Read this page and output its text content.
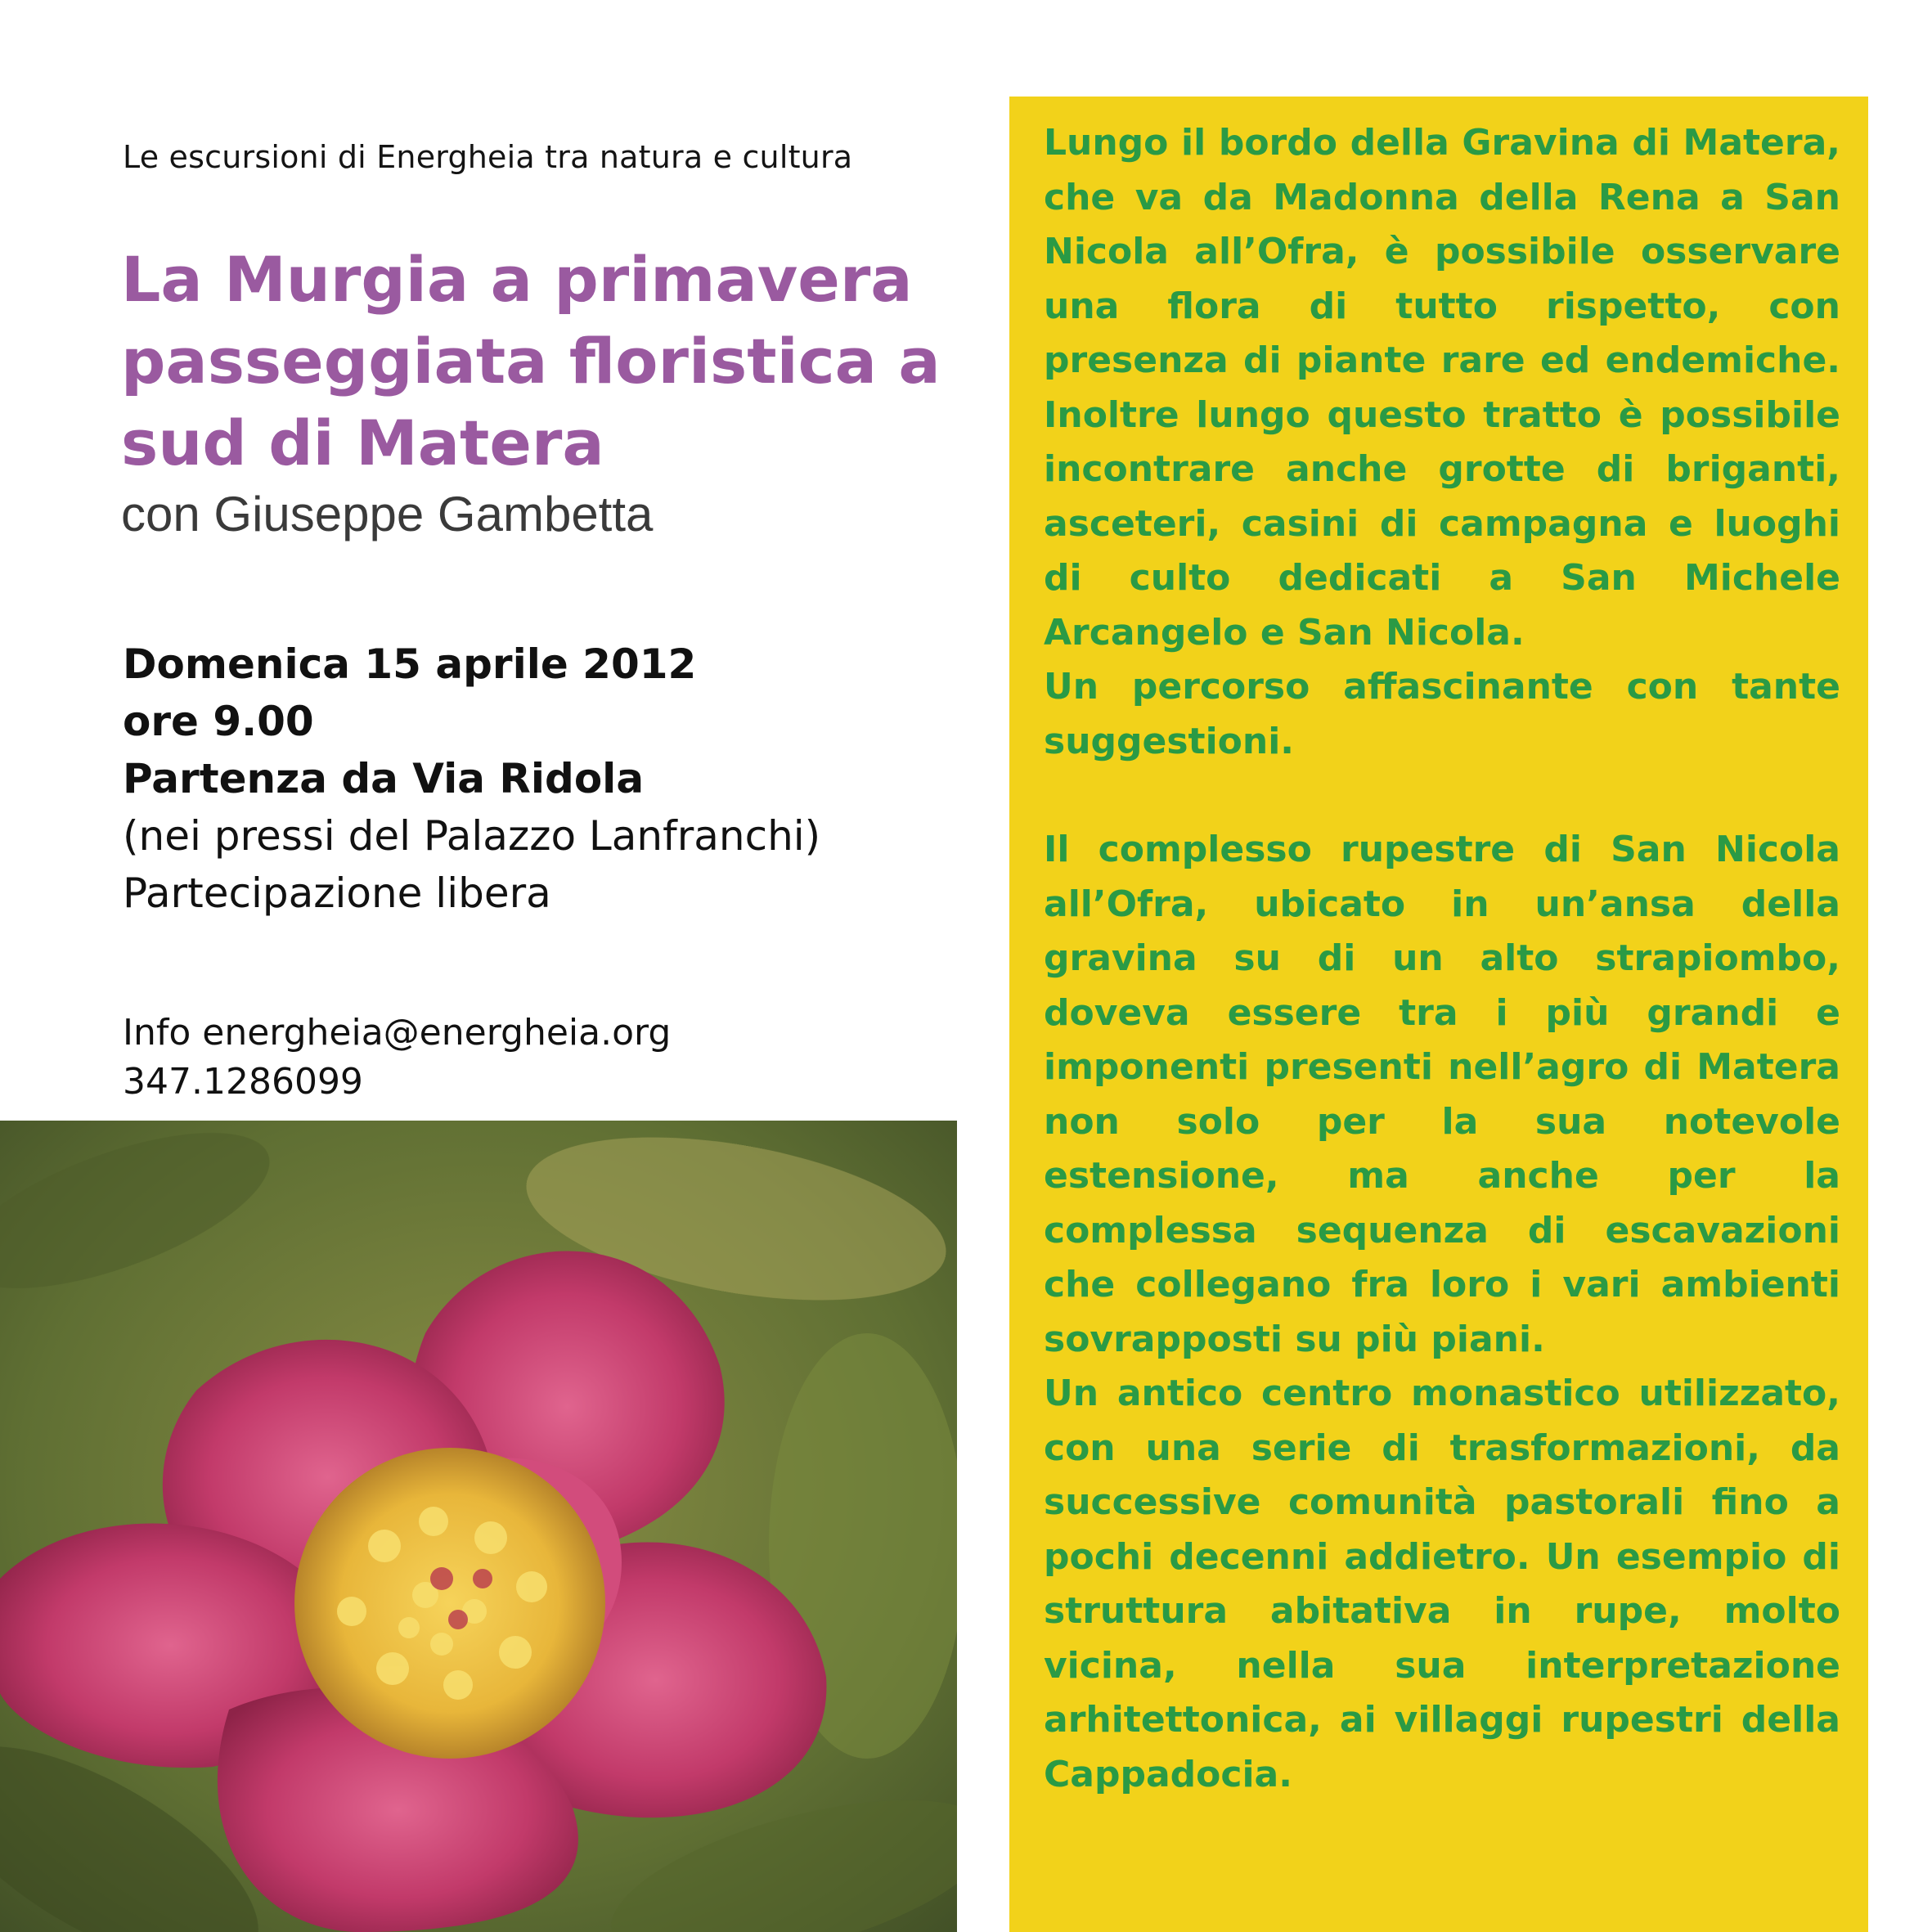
Le escursioni di Energheia tra natura e cultura
La Murgia a primavera
passeggiata floristica a
sud di Matera

con Giuseppe Gambetta

Domenica 15 aprile 2012
ore 9.00
Partenza da Via Ridola
(nei pressi del Palazzo Lanfranchi)
Partecipazione libera
Info energheia@energheia.org
347.1286099

Lungo il bordo della Gravina di Matera, che va da Madonna della Rena a San Nicola all’Ofra, è possibile osservare una flora di tutto rispetto, con presenza di piante rare ed endemiche. Inoltre lungo questo tratto è possibile incontrare anche grotte di briganti, asceteri, casini di campagna e luoghi di culto dedicati a San Michele Arcangelo e San Nicola.

Un percorso affascinante con tante suggestioni.

Il complesso rupestre di San Nicola all’Ofra, ubicato in un’ansa della gravina su di un alto strapiombo, doveva essere tra i più grandi e imponenti presenti nell’agro di Matera non solo per la sua notevole estensione, ma anche per la complessa sequenza di escavazioni che collegano fra loro i vari ambienti sovrapposti su più piani.

Un antico centro monastico utilizzato, con una serie di trasformazioni, da successive comunità pastorali fino a pochi decenni addietro. Un esempio di struttura abitativa in rupe, molto vicina, nella sua interpretazione arhitettonica, ai villaggi rupestri della Cappadocia.
